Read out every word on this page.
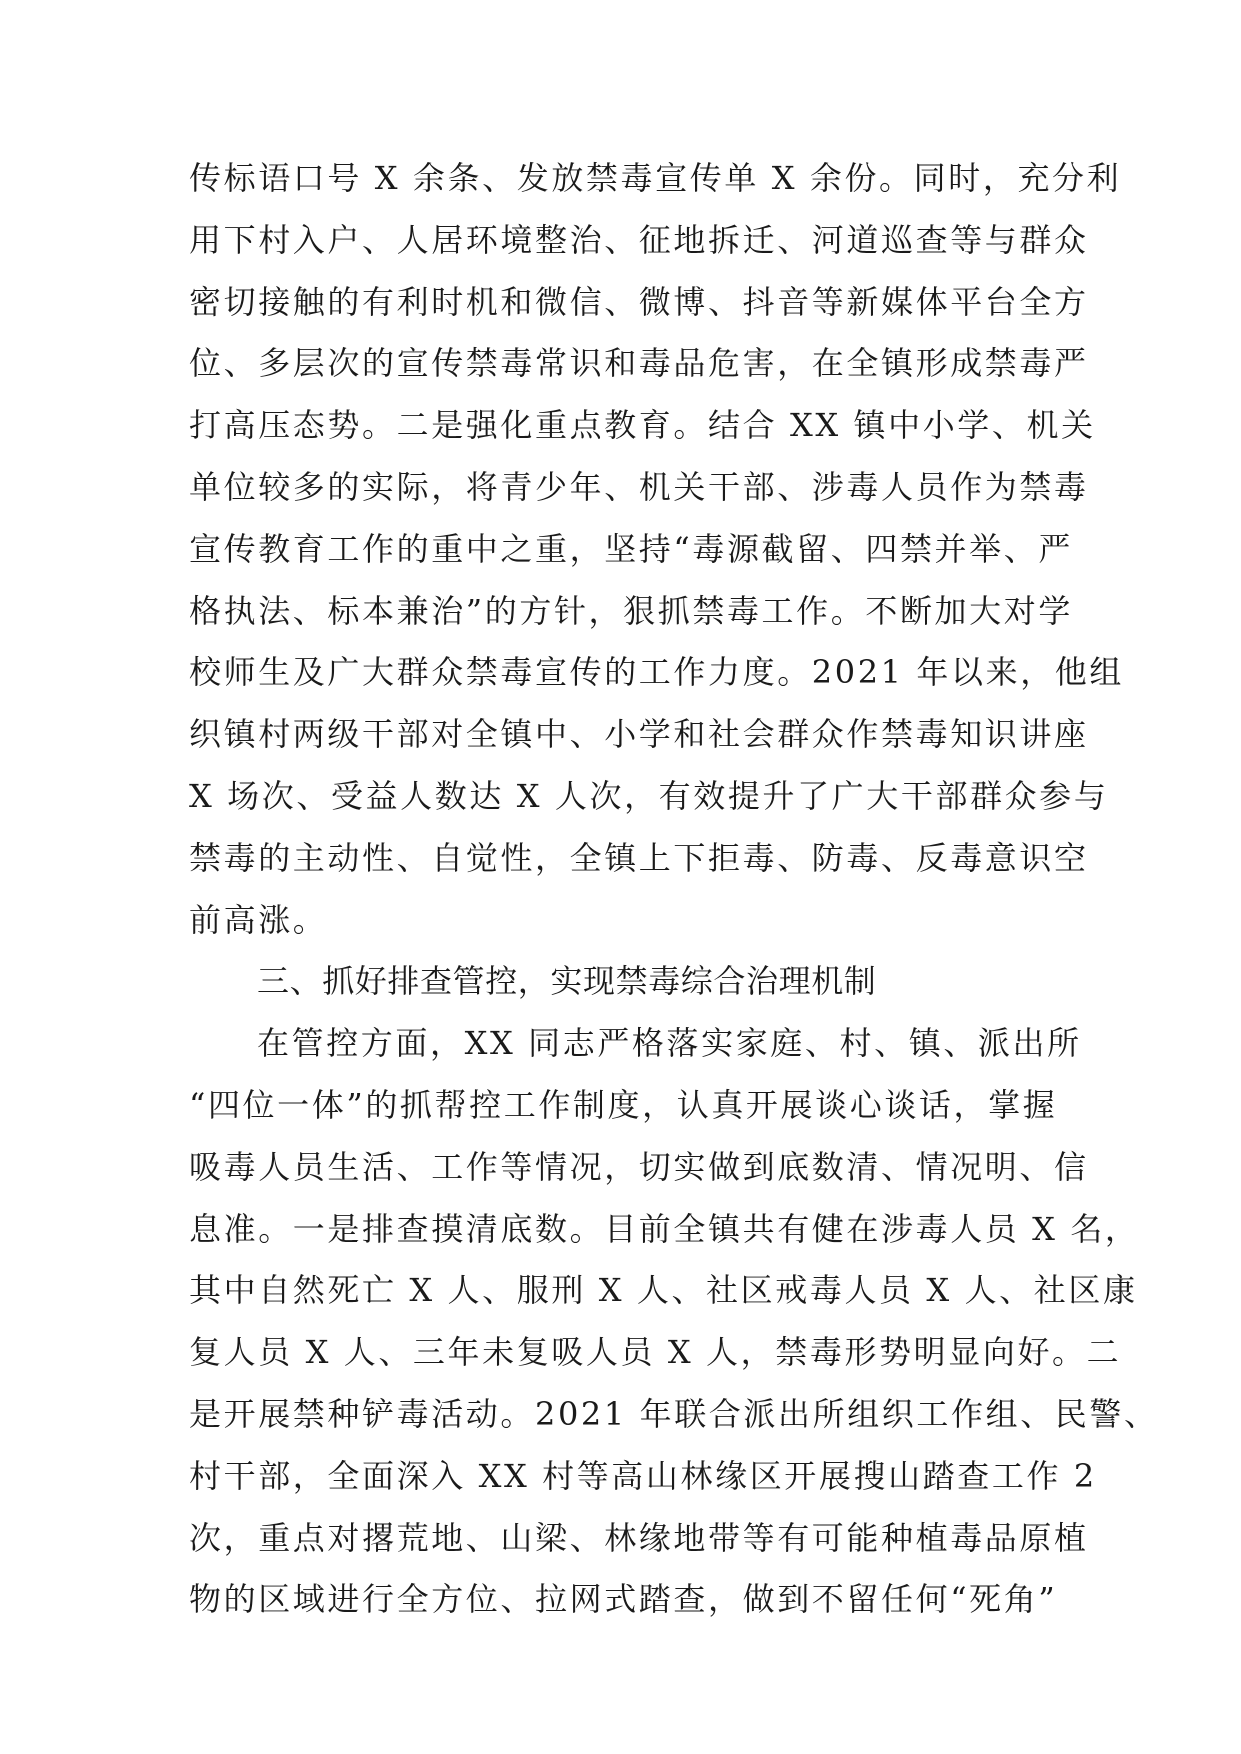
传标语口号 X 余条、发放禁毒宣传单 X 余份。同时，充分利
用下村入户、人居环境整治、征地拆迁、河道巡查等与群众
密切接触的有利时机和微信、微博、抖音等新媒体平台全方
位、多层次的宣传禁毒常识和毒品危害，在全镇形成禁毒严
打高压态势。二是强化重点教育。结合 XX 镇中小学、机关
单位较多的实际，将青少年、机关干部、涉毒人员作为禁毒
宣传教育工作的重中之重，坚持“毒源截留、四禁并举、严
格执法、标本兼治”的方针，狠抓禁毒工作。不断加大对学
校师生及广大群众禁毒宣传的工作力度。2021 年以来，他组
织镇村两级干部对全镇中、小学和社会群众作禁毒知识讲座
X 场次、受益人数达 X 人次，有效提升了广大干部群众参与
禁毒的主动性、自觉性，全镇上下拒毒、防毒、反毒意识空
前高涨。
三、抓好排查管控，实现禁毒综合治理机制
在管控方面，XX 同志严格落实家庭、村、镇、派出所
“四位一体”的抓帮控工作制度，认真开展谈心谈话，掌握
吸毒人员生活、工作等情况，切实做到底数清、情况明、信
息准。一是排查摸清底数。目前全镇共有健在涉毒人员 X 名，
其中自然死亡 X 人、服刑 X 人、社区戒毒人员 X 人、社区康
复人员 X 人、三年未复吸人员 X 人，禁毒形势明显向好。二
是开展禁种铲毒活动。2021 年联合派出所组织工作组、民警、
村干部，全面深入 XX 村等高山林缘区开展搜山踏查工作 2
次，重点对撂荒地、山梁、林缘地带等有可能种植毒品原植
物的区域进行全方位、拉网式踏查，做到不留任何“死角”
